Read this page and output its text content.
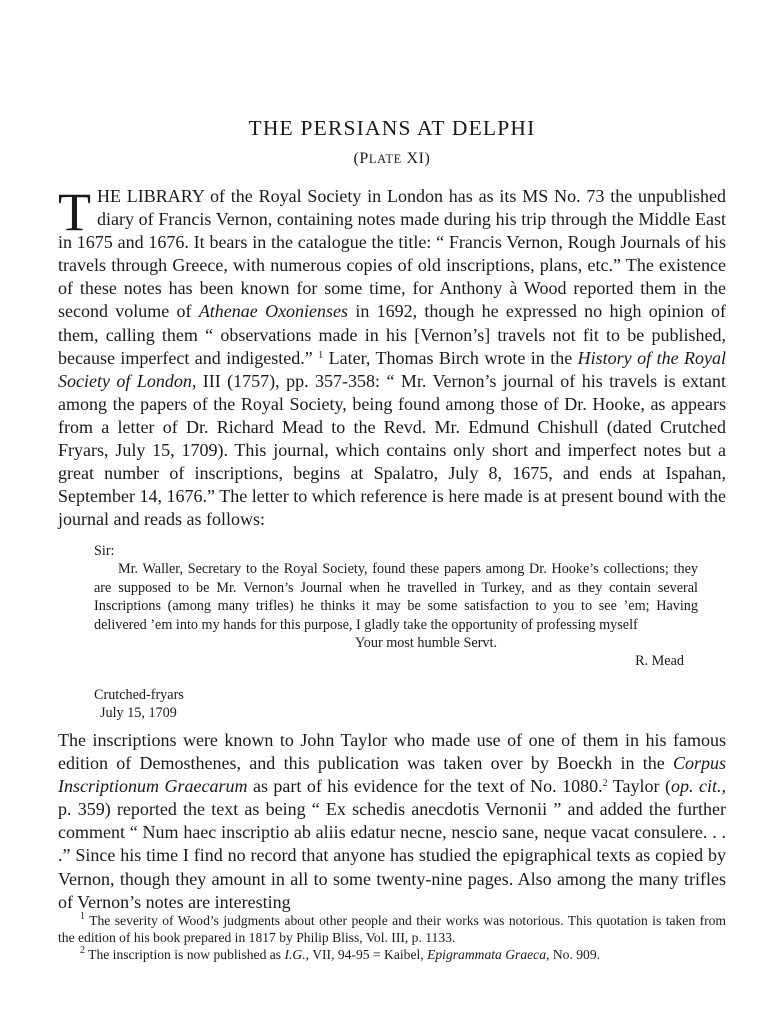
THE PERSIANS AT DELPHI
(PLATE XI)

THE LIBRARY of the Royal Society in London has as its MS No. 73 the unpublished diary of Francis Vernon, containing notes made during his trip through the Middle East in 1675 and 1676. It bears in the catalogue the title: “ Francis Vernon, Rough Journals of his travels through Greece, with numerous copies of old inscriptions, plans, etc.” The existence of these notes has been known for some time, for Anthony à Wood reported them in the second volume of Athenae Oxonienses in 1692, though he expressed no high opinion of them, calling them “ observations made in his [Vernon’s] travels not fit to be published, because imperfect and indigested.” $^1$ Later, Thomas Birch wrote in the History of the Royal Society of London, III (1757), pp. 357-358: “ Mr. Vernon’s journal of his travels is extant among the papers of the Royal Society, being found among those of Dr. Hooke, as appears from a letter of Dr. Richard Mead to the Revd. Mr. Edmund Chishull (dated Crutched Fryars, July 15, 1709). This journal, which contains only short and imperfect notes but a great number of inscriptions, begins at Spalatro, July 8, 1675, and ends at Ispahan, September 14, 1676.” The letter to which reference is here made is at present bound with the journal and reads as follows:

Sir:

Mr. Waller, Secretary to the Royal Society, found these papers among Dr. Hooke’s collections; they are supposed to be Mr. Vernon’s Journal when he travelled in Turkey, and as they contain several Inscriptions (among many trifles) he thinks it may be some satisfaction to you to see ’em; Having delivered ’em into my hands for this purpose, I gladly take the opportunity of professing myself

Your most humble Servt.

R. Mead

Crutched-fryars
July 15, 1709

The inscriptions were known to John Taylor who made use of one of them in his famous edition of Demosthenes, and this publication was taken over by Boeckh in the Corpus Inscriptionum Graecarum as part of his evidence for the text of No. 1080.$^2$ Taylor (op. cit., p. 359) reported the text as being “ Ex schedis anecdotis Vernonii ” and added the further comment “ Num haec inscriptio ab aliis edatur necne, nescio sane, neque vacat consulere. . . .” Since his time I find no record that anyone has studied the epigraphical texts as copied by Vernon, though they amount in all to some twenty-nine pages. Also among the many trifles of Vernon’s notes are interesting

$^1$ The severity of Wood’s judgments about other people and their works was notorious. This quotation is taken from the edition of his book prepared in 1817 by Philip Bliss, Vol. III, p. 1133.

$^2$ The inscription is now published as I.G., VII, 94-95 = Kaibel, Epigrammata Graeca, No. 909.
